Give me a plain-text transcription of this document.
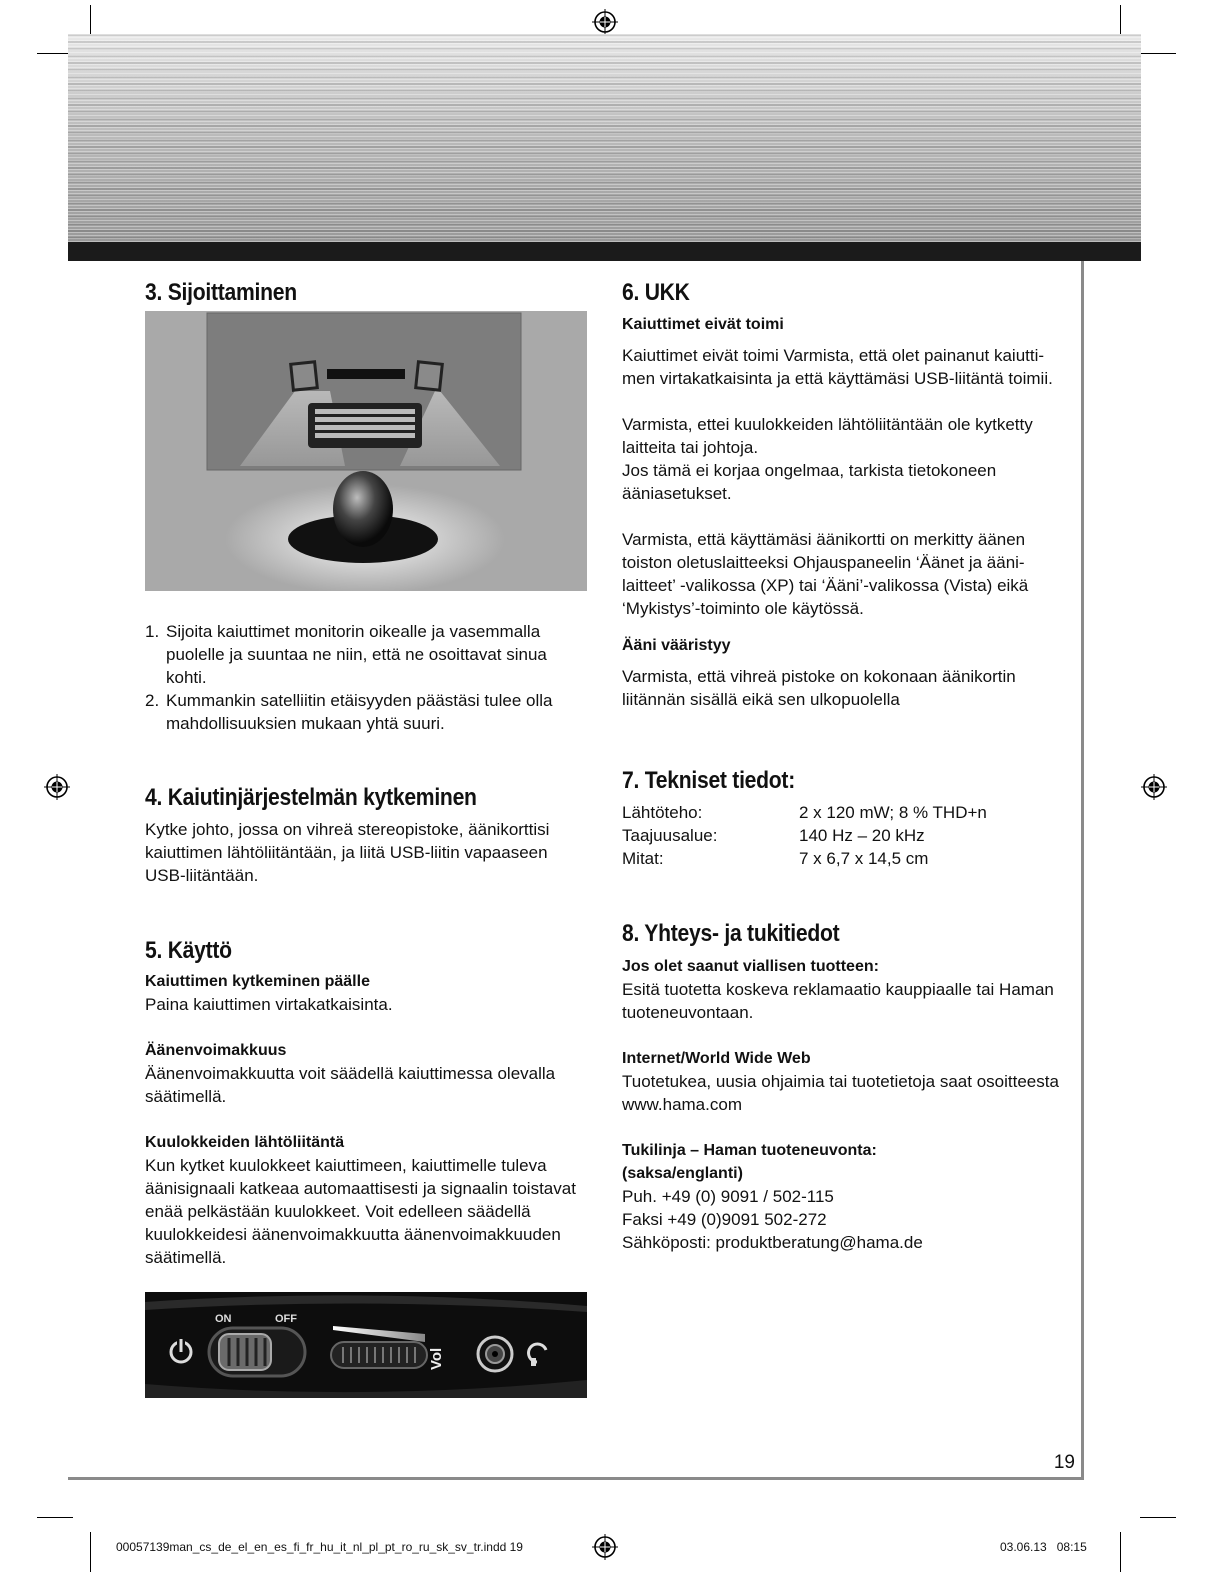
3. Sijoittaminen
1. Sijoita kaiuttimet monitorin oikealle ja vasemmalla puolelle ja suuntaa ne niin, että ne osoittavat sinua kohti.
2. Kummankin satelliitin etäisyyden päästäsi tulee olla mahdollisuuksien mukaan yhtä suuri.
4. Kaiutinjärjestelmän kytkeminen
Kytke johto, jossa on vihreä stereopistoke, äänikorttisi kaiuttimen lähtöliitäntään, ja liitä USB-liitin vapaaseen USB-liitäntään.
5. Käyttö

Kaiuttimen kytkeminen päälle

Paina kaiuttimen virtakatkaisinta.

Äänenvoimakkuus

Äänenvoimakkuutta voit säädellä kaiuttimessa olevalla säätimellä.

Kuulokkeiden lähtöliitäntä

Kun kytket kuulokkeet kaiuttimeen, kaiuttimelle tuleva äänisignaali katkeaa automaattisesti ja signaalin toistavat enää pelkästään kuulokkeet. Voit edelleen säädellä kuulokkeidesi äänenvoimakkuutta äänenvoimakkuuden säätimellä.

ON	OFF
Vol
6. UKK

Kaiuttimet eivät toimi

Kaiuttimet eivät toimi Varmista, että olet painanut kaiutti-men virtakatkaisinta ja että käyttämäsi USB-liitäntä toimii.

Varmista, ettei kuulokkeiden lähtöliitäntään ole kytketty laitteita tai johtoja.

Jos tämä ei korjaa ongelmaa, tarkista tietokoneen ääniasetukset.

Varmista, että käyttämäsi äänikortti on merkitty äänen toiston oletuslaitteeksi Ohjauspaneelin ‘Äänet ja ääni-laitteet’ -valikossa (XP) tai ‘Ääni’-valikossa (Vista) eikä ‘Mykistys’-toiminto ole käytössä.

Ääni vääristyy

Varmista, että vihreä pistoke on kokonaan äänikortin liitännän sisällä eikä sen ulkopuolella

7. Tekniset tiedot:
Lähtöteho:	2 x 120 mW; 8 % THD+n
Taajuusalue:	140 Hz – 20 kHz
Mitat:	7 x 6,7 x 14,5 cm
8. Yhteys- ja tukitiedot

Jos olet saanut viallisen tuotteen:

Esitä tuotetta koskeva reklamaatio kauppiaalle tai Haman tuoteneuvontaan.

Internet/World Wide Web

Tuotetukea, uusia ohjaimia tai tuotetietoja saat osoitteesta www.hama.com

Tukilinja – Haman tuoteneuvonta:

(saksa/englanti)

Puh. +49 (0) 9091 / 502-115

Faksi +49 (0)9091 502-272

Sähköposti: produktberatung@hama.de

19
00057139man_cs_de_el_en_es_fi_fr_hu_it_nl_pl_pt_ro_ru_sk_sv_tr.indd 19	03.06.13 08:15
